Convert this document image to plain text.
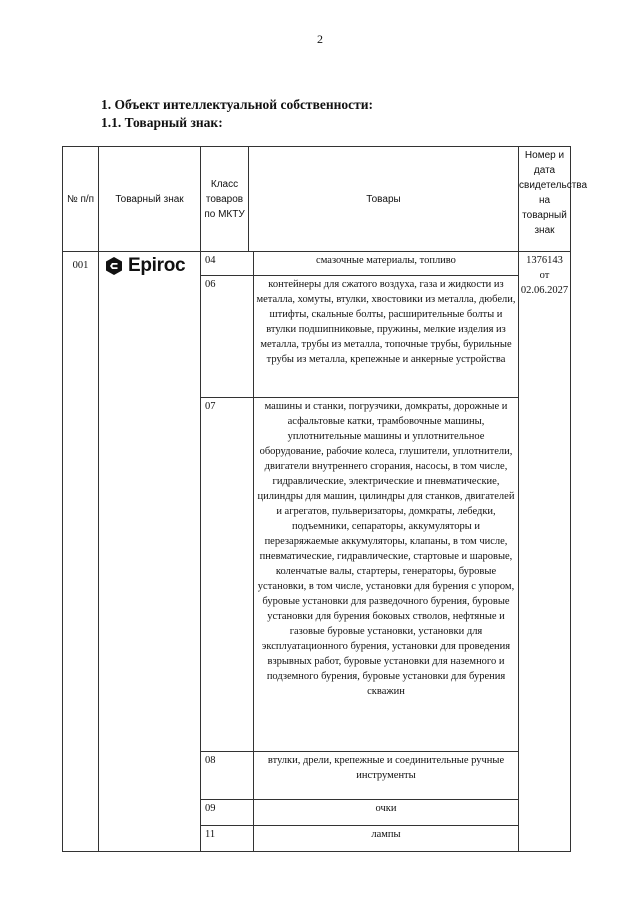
2
1. Объект интеллектуальной собственности:
1.1. Товарный знак:
№ п/п	Товарный знак	Класс товаров по МКТУ	Товары	Номер и дата свидетельства на товарный знак
001	Epiroc
	04	смазочные материалы, топливо
06	контейнеры для сжатого воздуха, газа и жидкости из металла, хомуты, втулки, хвостовики из металла, дюбели, штифты, скальные болты, расширительные болты и втулки подшипниковые, пружины, мелкие изделия из металла, трубы из металла, топочные трубы, бурильные трубы из металла, крепежные и анкерные устройства
07	машины и станки, погрузчики, домкраты, дорожные и асфальтовые катки, трамбовочные машины, уплотнительные машины и уплотнительное оборудование, рабочие колеса, глушители, уплотнители, двигатели внутреннего сгорания, насосы, в том числе, гидравлические, электрические и пневматические, цилиндры для машин, цилиндры для станков, двигателей и агрегатов, пульверизаторы, домкраты, лебедки, подъемники, сепараторы, аккумуляторы и перезаряжаемые аккумуляторы, клапаны, в том числе, пневматические, гидравлические, стартовые и шаровые, коленчатые валы, стартеры, генераторы, буровые установки, в том числе, установки для бурения с упором, буровые установки для разведочного бурения, буровые установки для бурения боковых стволов, нефтяные и газовые буровые установки, установки для эксплуатационного бурения, установки для проведения взрывных работ, буровые установки для наземного и подземного бурения, буровые установки для бурения скважин
08	втулки, дрели, крепежные и соединительные ручные инструменты
09	очки
11	лампы

1376143
от
02.06.2027
